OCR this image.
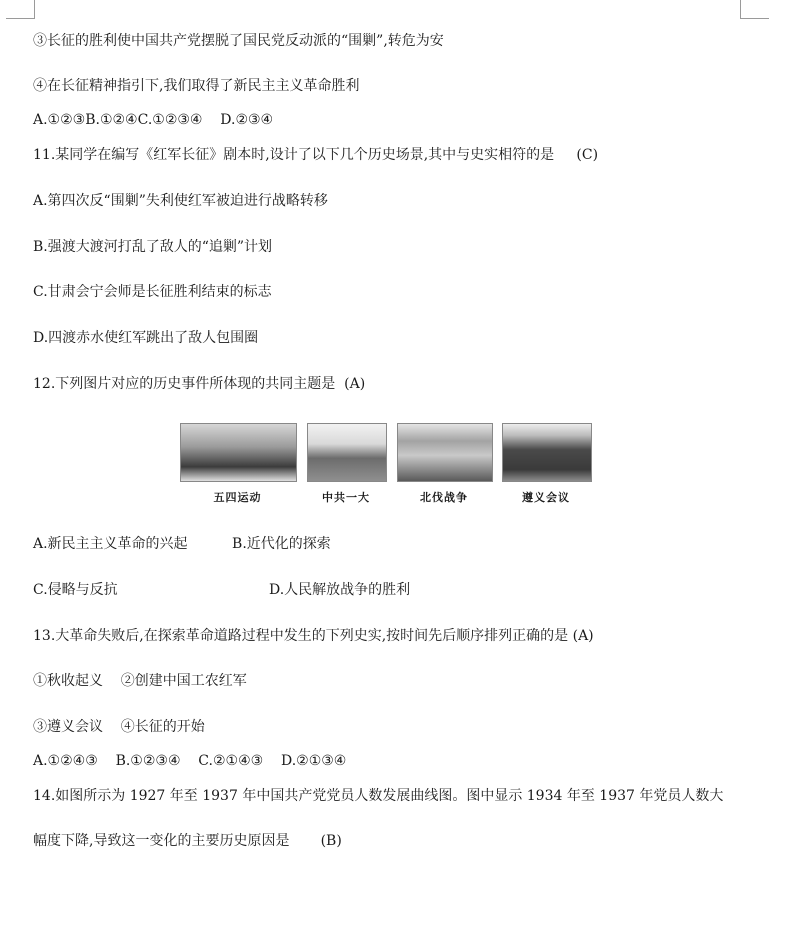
③长征的胜利使中国共产党摆脱了国民党反动派的“围剿”,转危为安
④在长征精神指引下,我们取得了新民主主义革命胜利
A.①②③B.①②④C.①②③④    D.②③④
11.某同学在编写《红军长征》剧本时,设计了以下几个历史场景,其中与史实相符的是     (C)
A.第四次反“围剿”失利使红军被迫进行战略转移
B.强渡大渡河打乱了敌人的“追剿”计划
C.甘肃会宁会师是长征胜利结束的标志
D.四渡赤水使红军跳出了敌人包围圈
12.下列图片对应的历史事件所体现的共同主题是  (A)
五四运动	中共一大	北伐战争	遵义会议
A.新民主主义革命的兴起          B.近代化的探索
C.侵略与反抗                                  D.人民解放战争的胜利
13.大革命失败后,在探索革命道路过程中发生的下列史实,按时间先后顺序排列正确的是 (A)
①秋收起义    ②创建中国工农红军
③遵义会议    ④长征的开始
A.①②④③    B.①②③④    C.②①④③    D.②①③④
14.如图所示为 1927 年至 1937 年中国共产党党员人数发展曲线图。图中显示 1934 年至 1937 年党员人数大
幅度下降,导致这一变化的主要历史原因是       (B)
